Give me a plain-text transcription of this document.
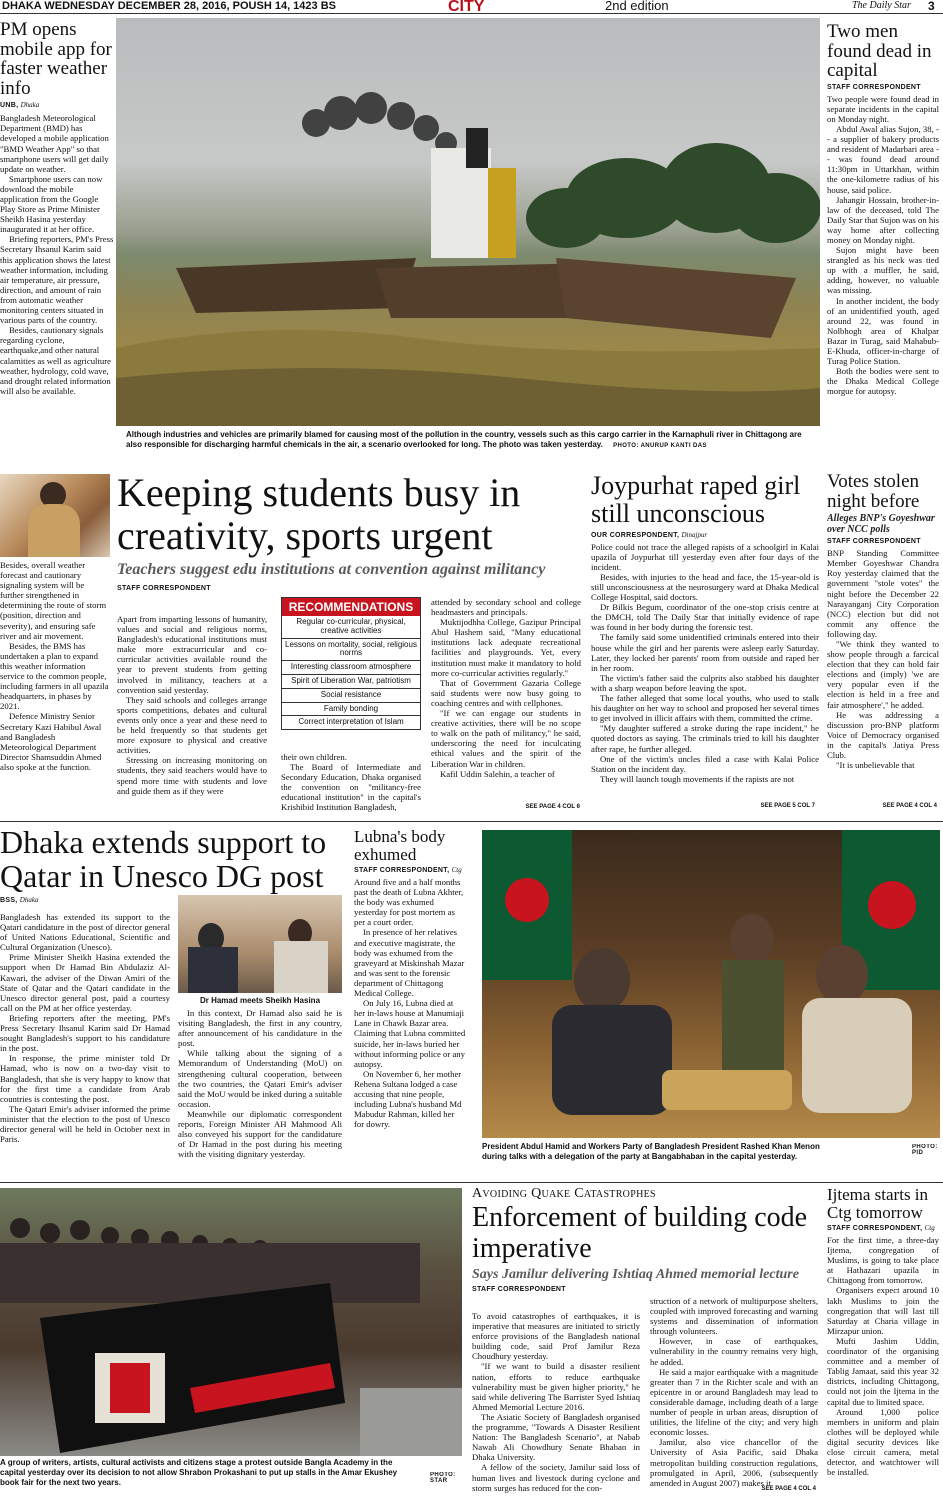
DHAKA WEDNESDAY DECEMBER 28, 2016, POUSH 14, 1423 BS	CITY	2nd edition	The Daily Star 3
PM opens mobile app for faster weather info
UNB, Dhaka

Bangladesh Meteorological Department (BMD) has developed a mobile application "BMD Weather App" so that smartphone users will get daily update on weather.

Smartphone users can now download the mobile application from the Google Play Store as Prime Minister Sheikh Hasina yesterday inaugurated it at her office.

Briefing reporters, PM's Press Secretary Ihsanul Karim said this application shows the latest weather information, including air temperature, air pressure, direction, and amount of rain from automatic weather monitoring centers situated in various parts of the country.

Besides, cautionary signals regarding cyclone, earthquake,and other natural calamities as well as agriculture weather, hydrology, cold wave, and drought related information will also be available.

Besides, overall weather forecast and cautionary signaling system will be further strengthened in determining the route of storm (position, direction and severity), and ensuring safe river and air movement.

Besides, the BMS has undertaken a plan to expand this weather information service to the common people, including farmers in all upazila headquarters, in phases by 2021.

Defence Ministry Senior Secretary Kazi Habibul Awal and Bangladesh Meteorological Department Director Shamsuddin Ahmed also spoke at the function.

Although industries and vehicles are primarily blamed for causing most of the pollution in the country, vessels such as this cargo carrier in the Karnaphuli river in Chittagong are also responsible for discharging harmful chemicals in the air, a scenario overlooked for long. The photo was taken yesterday. PHOTO: ANURUP KANTI DAS
Two men found dead in capital
STAFF CORRESPONDENT

Two people were found dead in separate incidents in the capital on Monday night.

Abdul Awal alias Sujon, 38, -- a supplier of bakery products and resident of Madarbari area -- was found dead around 11:30pm in Uttarkhan, within the one-kilometre radius of his house, said police.

Jahangir Hossain, brother-in-law of the deceased, told The Daily Star that Sujon was on his way home after collecting money on Monday night.

Sujon might have been strangled as his neck was tied up with a muffler, he said, adding, however, no valuable was missing.

In another incident, the body of an unidentified youth, aged around 22, was found in Nolbhogh area of Khalpar Bazar in Turag, said Mahabub-E-Khuda, officer-in-charge of Turag Police Station.

Both the bodies were sent to the Dhaka Medical College morgue for autopsy.

Keeping students busy in creativity, sports urgent
Teachers suggest edu institutions at convention against militancy
STAFF CORRESPONDENT

Apart from imparting lessons of humanity, values and social and religious norms, Bangladesh's educational institutions must make more extracurricular and co-curricular activities available round the year to prevent students from getting involved in militancy, teachers at a convention said yesterday.

They said schools and colleges arrange sports competitions, debates and cultural events only once a year and these need to be held frequently so that students get more exposure to physical and creative activities.

Stressing on increasing monitoring on students, they said teachers would have to spend more time with students and love and guide them as if they were

RECOMMENDATIONS
Regular co-curricular, physical, creative activities
Lessons on mortality, social, religious norms
Interesting classroom atmosphere
Spirit of Liberation War, patriotism
Social resistance
Family bonding
Correct interpretation of Islam

their own children.

The Board of Intermediate and Secondary Education, Dhaka organised the convention on "militancy-free educational institution" in the capital's Krishibid Institution Bangladesh,

attended by secondary school and college headmasters and principals.

Muktijodhha College, Gazipur Principal Abul Hashem said, "Many educational institutions lack adequate recreational facilities and playgrounds. Yet, every institution must make it mandatory to hold more co-curricular activities regularly."

That of Government Gazaria College said students were now busy going to coaching centres and with cellphones.

"If we can engage our students in creative activities, there will be no scope to walk on the path of militancy," he said, underscoring the need for inculcating ethical values and the spirit of the Liberation War in children.

Kafil Uddin Salehin, a teacher of

SEE PAGE 4 COL 6
Joypurhat raped girl still unconscious
OUR CORRESPONDENT, Dinajpur

Police could not trace the alleged rapists of a schoolgirl in Kalai upazila of Joypurhat till yesterday even after four days of the incident.

Besides, with injuries to the head and face, the 15-year-old is still unconsciousness at the neurosurgery ward at Dhaka Medical College Hospital, said doctors.

Dr Bilkis Begum, coordinator of the one-stop crisis centre at the DMCH, told The Daily Star that initially evidence of rape was found in her body during the forensic test.

The family said some unidentified criminals entered into their house while the girl and her parents were asleep early Saturday. Later, they locked her parents' room from outside and raped her in her room.

The victim's father said the culprits also stabbed his daughter with a sharp weapon before leaving the spot.

The father alleged that some local youths, who used to stalk his daughter on her way to school and proposed her several times to get involved in illicit affairs with them, committed the crime.

"My daughter suffered a stroke during the rape incident," he quoted doctors as saying. The criminals tried to kill his daughter after rape, he further alleged.

One of the victim's uncles filed a case with Kalai Police Station on the incident day.

They will launch tough movements if the rapists are not

SEE PAGE 5 COL 7
Votes stolen night before
Alleges BNP's Goyeshwar over NCC polls
STAFF CORRESPONDENT

BNP Standing Committee Member Goyeshwar Chandra Roy yesterday claimed that the government "stole votes" the night before the December 22 Narayanganj City Corporation (NCC) election but did not commit any offence the following day.

"We think they wanted to show people through a farcical election that they can hold fair elections and (imply) 'we are very popular even if the election is held in a free and fair atmosphere'," he added.

He was addressing a discussion pro-BNP platform Voice of Democracy organised in the capital's Jatiya Press Club.

"It is unbelievable that

SEE PAGE 4 COL 4
Dhaka extends support to Qatar in Unesco DG post
BSS, Dhaka

Bangladesh has extended its support to the Qatari candidature in the post of director general of United Nations Educational, Scientific and Cultural Organization (Unesco).

Prime Minister Sheikh Hasina extended the support when Dr Hamad Bin Abdulaziz Al-Kawari, the adviser of the Diwan Amiri of the State of Qatar and the Qatari candidate in the Unesco director general post, paid a courtesy call on the PM at her office yesterday.

Briefing reporters after the meeting, PM's Press Secretary Ihsanul Karim said Dr Hamad sought Bangladesh's support to his candidature in the post.

In response, the prime minister told Dr Hamad, who is now on a two-day visit to Bangladesh, that she is very happy to know that for the first time a candidate from Arab countries is contesting the post.

The Qatari Emir's adviser informed the prime minister that the election to the post of Unesco director general will be held in October next in Paris.

Dr Hamad meets Sheikh Hasina

In this context, Dr Hamad also said he is visiting Bangladesh, the first in any country, after announcement of his candidature in the post.

While talking about the signing of a Memorandum of Understanding (MoU) on strengthening cultural cooperation, between the two countries, the Qatari Emir's adviser said the MoU would be inked during a suitable occasion.

Meanwhile our diplomatic correspondent reports, Foreign Minister AH Mahmood Ali also conveyed his support for the candidature of Dr Hamad in the post during his meeting with the visiting dignitary yesterday.

Lubna's body exhumed
STAFF CORRESPONDENT, Ctg

Around five and a half months past the death of Lubna Akhter, the body was exhumed yesterday for post mortem as per a court order.

In presence of her relatives and executive magistrate, the body was exhumed from the graveyard at Miskinshah Mazar and was sent to the forensic department of Chittagong Medical College.

On July 16, Lubna died at her in-laws house at Manumiaji Lane in Chawk Bazar area. Claiming that Lubna committed suicide, her in-laws buried her without informing police or any autopsy.

On November 6, her mother Rehena Sultana lodged a case accusing that nine people, including Lubna's husband Md Mabudur Rahman, killed her for dowry.

President Abdul Hamid and Workers Party of Bangladesh President Rashed Khan Menon during talks with a delegation of the party at Bangabhaban in the capital yesterday.
PHOTO:
PID
A group of writers, artists, cultural activists and citizens stage a protest outside Bangla Academy in the capital yesterday over its decision to not allow Shrabon Prokashani to put up stalls in the Amar Ekushey book fair for the next two years.
PHOTO:
STAR
Avoiding Quake Catastrophes
Enforcement of building code imperative
Says Jamilur delivering Ishtiaq Ahmed memorial lecture
STAFF CORRESPONDENT

To avoid catastrophes of earthquakes, it is imperative that measures are initiated to strictly enforce provisions of the Bangladesh national building code, said Prof Jamilur Reza Choudhury yesterday.

"If we want to build a disaster resilient nation, efforts to reduce earthquake vulnerability must be given higher priority," he said while delivering The Barrister Syed Ishtiaq Ahmed Memorial Lecture 2016.

The Asiatic Society of Bangladesh organised the programme, "Towards A Disaster Resilient Nation: The Bangladesh Scenario", at Nabab Nawab Ali Chowdhury Senate Bhaban in Dhaka University.

A fellow of the society, Jamilur said loss of human lives and livestock during cyclone and storm surges has reduced for the con-

struction of a network of multipurpose shelters, coupled with improved forecasting and warning systems and dissemination of information through volunteers.

However, in case of earthquakes, vulnerability in the country remains very high, he added.

He said a major earthquake with a magnitude greater than 7 in the Richter scale and with an epicentre in or around Bangladesh may lead to considerable damage, including death of a large number of people in urban areas, disruption of utilities, the lifeline of the city; and very high economic losses.

Jamilur, also vice chancellor of the University of Asia Pacific, said Dhaka metropolitan building construction regulations, promulgated in April, 2006, (subsequently amended in August 2007) makes it

SEE PAGE 4 COL 4
Ijtema starts in Ctg tomorrow
STAFF CORRESPONDENT, Ctg

For the first time, a three-day Ijtema, congregation of Muslims, is going to take place at Hathazari upazila in Chittagong from tomorrow.

Organisers expect around 10 lakh Muslims to join the congregation that will last till Saturday at Charia village in Mirzapur union.

Mufti Jashim Uddin, coordinator of the organising committee and a member of Tablig Jamaat, said this year 32 districts, including Chittagong, could not join the Ijtema in the capital due to limited space.

Around 1,000 police members in uniform and plain clothes will be deployed while digital security devices like close circuit camera, metal detector, and watchtower will be installed.
